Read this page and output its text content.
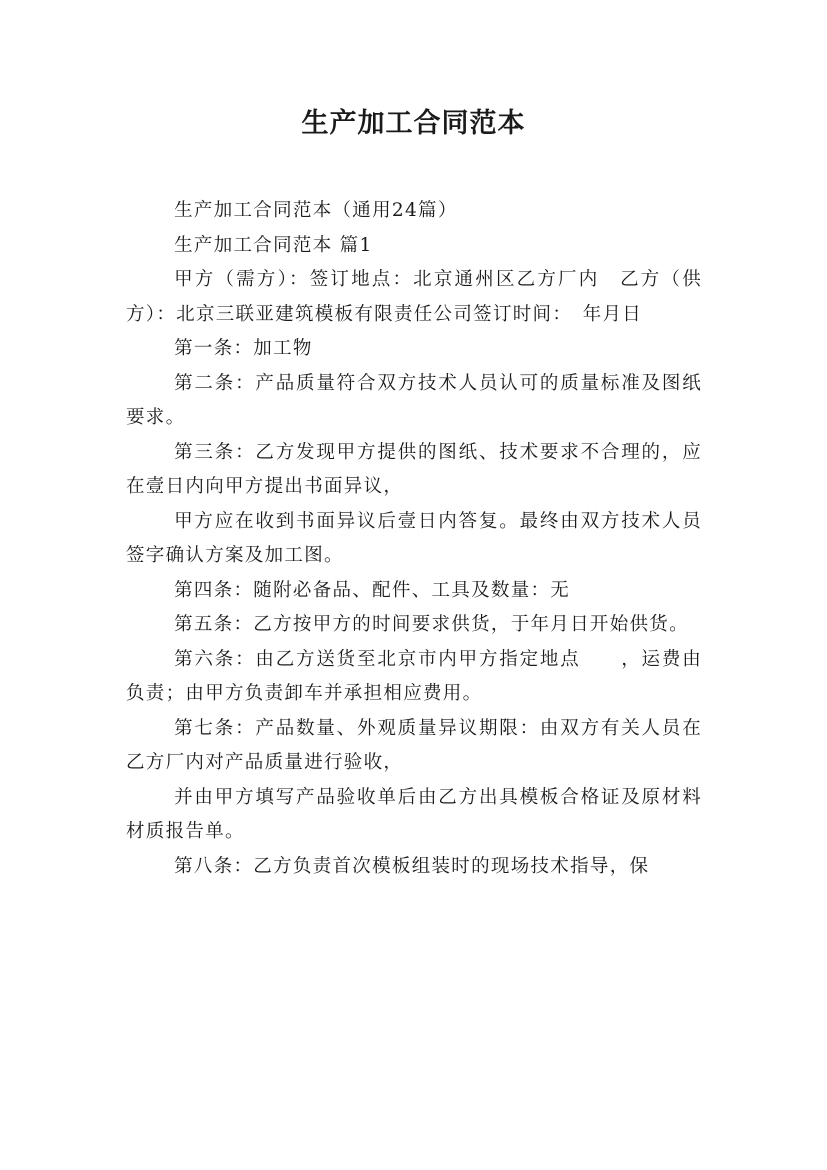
生产加工合同范本

生产加工合同范本（通用24篇）

生产加工合同范本 篇1

甲方（需方）：签订地点：北京通州区乙方厂内　乙方（供方）：北京三联亚建筑模板有限责任公司签订时间：　年月日

第一条：加工物

第二条：产品质量符合双方技术人员认可的质量标准及图纸要求。

第三条：乙方发现甲方提供的图纸、技术要求不合理的，应在壹日内向甲方提出书面异议，

甲方应在收到书面异议后壹日内答复。最终由双方技术人员签字确认方案及加工图。

第四条：随附必备品、配件、工具及数量：无

第五条：乙方按甲方的时间要求供货，于年月日开始供货。

第六条：由乙方送货至北京市内甲方指定地点　　，运费由负责；由甲方负责卸车并承担相应费用。

第七条：产品数量、外观质量异议期限：由双方有关人员在乙方厂内对产品质量进行验收，

并由甲方填写产品验收单后由乙方出具模板合格证及原材料材质报告单。

第八条：乙方负责首次模板组装时的现场技术指导，保
